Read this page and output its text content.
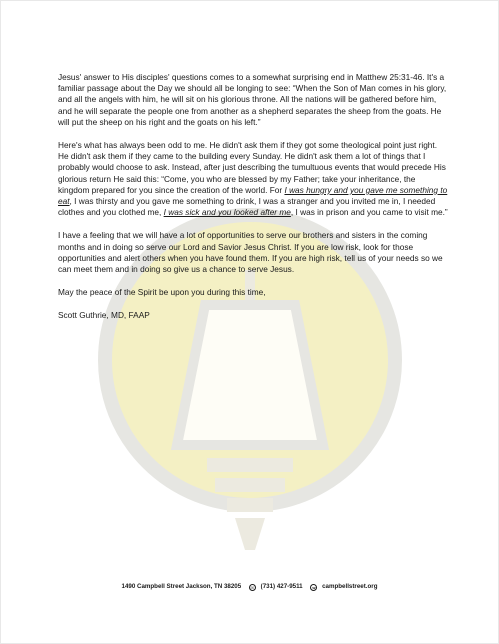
Jesus' answer to His disciples' questions comes to a somewhat surprising end in Matthew 25:31-46. It's a familiar passage about the Day we should all be longing to see: “When the Son of Man comes in his glory, and all the angels with him, he will sit on his glorious throne. All the nations will be gathered before him, and he will separate the people one from another as a shepherd separates the sheep from the goats. He will put the sheep on his right and the goats on his left.”

Here's what has always been odd to me. He didn't ask them if they got some theological point just right. He didn't ask them if they came to the building every Sunday. He didn't ask them a lot of things that I probably would choose to ask. Instead, after just describing the tumultuous events that would precede His glorious return He said this: “Come, you who are blessed by my Father; take your inheritance, the kingdom prepared for you since the creation of the world. For I was hungry and you gave me something to eat, I was thirsty and you gave me something to drink, I was a stranger and you invited me in, I needed clothes and you clothed me, I was sick and you looked after me, I was in prison and you came to visit me.”

I have a feeling that we will have a lot of opportunities to serve our brothers and sisters in the coming months and in doing so serve our Lord and Savior Jesus Christ. If you are low risk, look for those opportunities and alert others when you have found them. If you are high risk, tell us of your needs so we can meet them and in doing so give us a chance to serve Jesus.

May the peace of the Spirit be upon you during this time,

Scott Guthrie, MD, FAAP

1490 Campbell Street Jackson, TN 38205 ☏ (731) 427-9511 w campbellstreet.org
